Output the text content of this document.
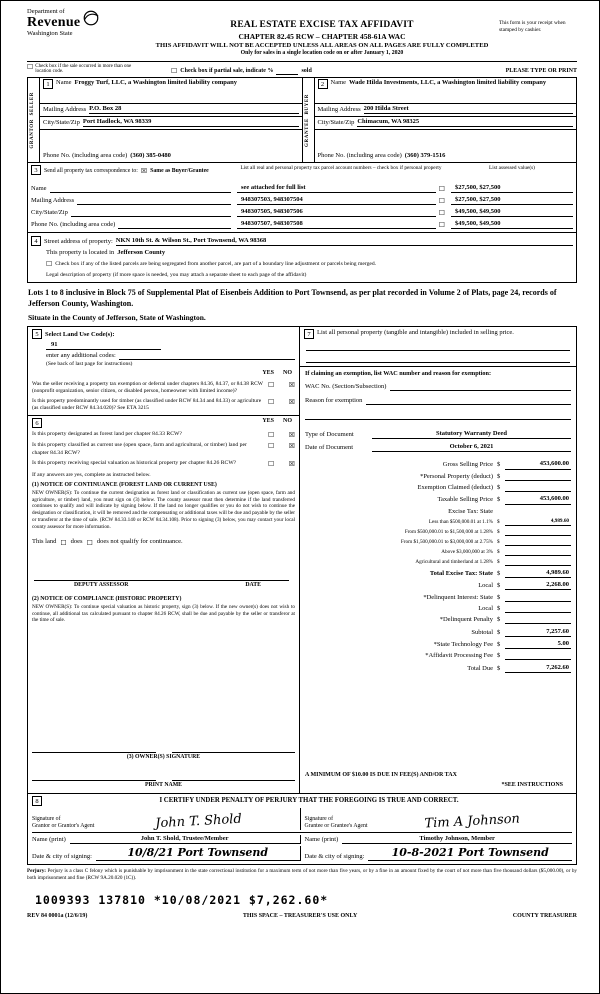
Department of
Revenue
Washington State
REAL ESTATE EXCISE TAX AFFIDAVIT
CHAPTER 82.45 RCW – CHAPTER 458-61A WAC
THIS AFFIDAVIT WILL NOT BE ACCEPTED UNLESS ALL AREAS ON ALL PAGES ARE FULLY COMPLETED
Only for sales in a single location code on or after January 1, 2020
This form is your receipt when stamped by cashier.
☐ Check box if the sale occurred in more than one location code.	☐ Check box if partial sale, indicate %	sold	PLEASE TYPE OR PRINT
SELLER
GRANTOR
1 Name Froggy Turf, LLC, a Washington limited liability company
Mailing Address P.O. Box 28
City/State/Zip Port Hadlock, WA 98339
Phone No. (including area code) (360) 385-0480
BUYER
GRANTEE
2 Name Wade Hilda Investments, LLC, a Washington limited liability company
Mailing Address 200 Hilda Street
City/State/Zip Chimacum, WA 98325
Phone No. (including area code) (360) 379-1516
3	Send all property tax correspondence to: ☒ Same as Buyer/Grantee	List all real and personal property tax parcel account numbers – check box if personal property	List assessed value(s)
Name	see attached for full list	☐	$27,500, $27,500
Mailing Address	948307503, 948307504	☐	$27,500, $27,500
City/State/Zip	948307505, 948307506	☐	$49,500, $49,500
Phone No. (including area code)	948307507, 948307508	☐	$49,500, $49,500
4 Street address of property: NKN 10th St. & Wilson St., Port Townsend, WA 98368
This property is located in Jefferson County
☐ Check box if any of the listed parcels are being segregated from another parcel, are part of a boundary line adjustment or parcels being merged.
Legal description of property (if more space is needed, you may attach a separate sheet to each page of the affidavit)
Lots 1 to 8 inclusive in Block 75 of Supplemental Plat of Eisenbeis Addition to Port Townsend, as per plat recorded in Volume 2 of Plats, page 24, records of Jefferson County, Washington.
Situate in the County of Jefferson, State of Washington.
5 Select Land Use Code(s):
91
enter any additional codes:
(See back of last page for instructions)
YES NO
Was the seller receiving a property tax exemption or deferral under chapters 84.36, 84.37, or 84.38 RCW (nonprofit organization, senior citizen, or disabled person, homeowner with limited income)?
☐ ☒
Is this property predominantly used for timber (as classified under RCW 84.34 and 84.33) or agriculture (as classified under RCW 84.34.020)? See ETA 3215
☐ ☒
6	YES NO
Is this property designated as forest land per chapter 84.33 RCW?	☐ ☒
Is this property classified as current use (open space, farm and agricultural, or timber) land per chapter 84.34 RCW?
☐ ☒
Is this property receiving special valuation as historical property per chapter 84.26 RCW?	☐ ☒
If any answers are yes, complete as instructed below.
(1) NOTICE OF CONTINUANCE (FOREST LAND OR CURRENT USE)
NEW OWNER(S): To continue the current designation as forest land or classification as current use (open space, farm and agriculture, or timber) land, you must sign on (3) below. The county assessor must then determine if the land transferred continues to qualify and will indicate by signing below. If the land no longer qualifies or you do not wish to continue the designation or classification, it will be removed and the compensating or additional taxes will be due and payable by the seller or transferor at the time of sale. (RCW 84.33.140 or RCW 84.34.108). Prior to signing (3) below, you may contact your local county assessor for more information.
This land ☐ does ☐ does not qualify for continuance.
DEPUTY ASSESSOR	DATE
(2) NOTICE OF COMPLIANCE (HISTORIC PROPERTY)
NEW OWNER(S): To continue special valuation as historic property, sign (3) below. If the new owner(s) does not wish to continue, all additional tax calculated pursuant to chapter 84.26 RCW, shall be due and payable by the seller or transferor at the time of sale.
(3) OWNER(S) SIGNATURE
PRINT NAME
7 List all personal property (tangible and intangible) included in selling price.
If claiming an exemption, list WAC number and reason for exemption:
WAC No. (Section/Subsection)
Reason for exemption
Type of Document	Statutory Warranty Deed
Date of Document	October 6, 2021
Gross Selling Price $	453,600.00
*Personal Property (deduct) $
Exemption Claimed (deduct) $
Taxable Selling Price $	453,600.00
Excise Tax: State
Less than $500,000.01 at 1.1% $	4,989.60
From $500,000.01 to $1,500,000 at 1.28% $
From $1,500,000.01 to $3,000,000 at 2.75% $
Above $3,000,000 at 3% $
Agricultural and timberland at 1.28% $
Total Excise Tax: State $	4,989.60
Local $	2,268.00
*Delinquent Interest: State $
Local $
*Delinquent Penalty $
Subtotal $	7,257.60
*State Technology Fee $	5.00
*Affidavit Processing Fee $
Total Due $	7,262.60
A MINIMUM OF $10.00 IS DUE IN FEE(S) AND/OR TAX
*SEE INSTRUCTIONS
8	I CERTIFY UNDER PENALTY OF PERJURY THAT THE FOREGOING IS TRUE AND CORRECT.
Signature of
Grantor or Grantor's Agent	John T. Shold	Signature of
Grantee or Grantee's Agent	Tim A Johnson
Name (print)	John T. Shold, Trustee/Member	Name (print)	Timothy Johnson, Member
Date & city of signing:	10/8/21 Port Townsend	Date & city of signing:	10-8-2021 Port Townsend
Perjury: Perjury is a class C felony which is punishable by imprisonment in the state correctional institution for a maximum term of not more than five years, or by a fine in an amount fixed by the court of not more than five thousand dollars ($5,000.00), or by both imprisonment and fine (RCW 9A.20.020 (1C)).
1009393 137810 *10/08/2021 $7,262.60*
REV 84 0001a (12/6/19)	THIS SPACE – TREASURER'S USE ONLY	COUNTY TREASURER
